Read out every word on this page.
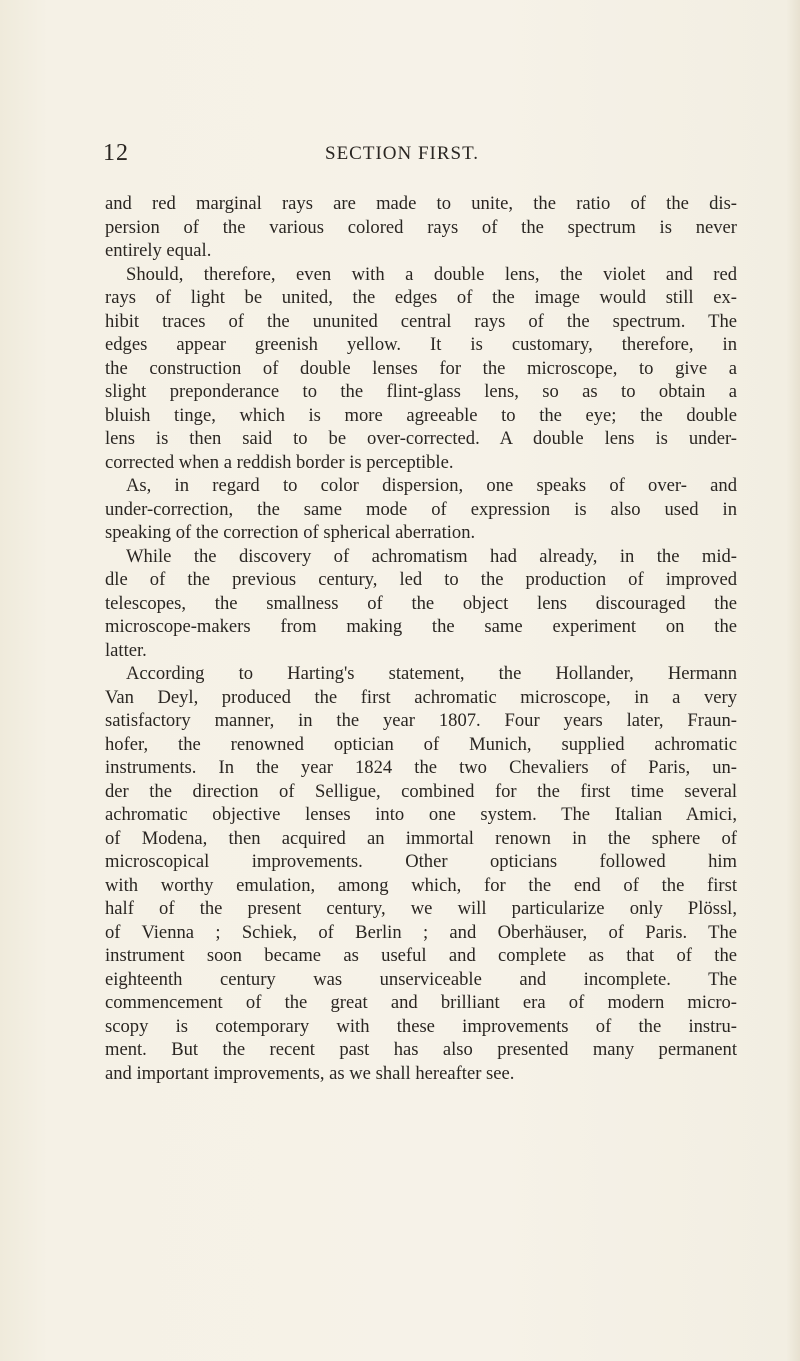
12	SECTION FIRST.
and red marginal rays are made to unite, the ratio of the dis-
persion of the various colored rays of the spectrum is never
entirely equal.
Should, therefore, even with a double lens, the violet and red
rays of light be united, the edges of the image would still ex-
hibit traces of the ununited central rays of the spectrum. The
edges appear greenish yellow. It is customary, therefore, in
the construction of double lenses for the microscope, to give a
slight preponderance to the flint-glass lens, so as to obtain a
bluish tinge, which is more agreeable to the eye; the double
lens is then said to be over-corrected. A double lens is under-
corrected when a reddish border is perceptible.
As, in regard to color dispersion, one speaks of over- and
under-correction, the same mode of expression is also used in
speaking of the correction of spherical aberration.
While the discovery of achromatism had already, in the mid-
dle of the previous century, led to the production of improved
telescopes, the smallness of the object lens discouraged the
microscope-makers from making the same experiment on the
latter.
According to Harting's statement, the Hollander, Hermann
Van Deyl, produced the first achromatic microscope, in a very
satisfactory manner, in the year 1807. Four years later, Fraun-
hofer, the renowned optician of Munich, supplied achromatic
instruments. In the year 1824 the two Chevaliers of Paris, un-
der the direction of Selligue, combined for the first time several
achromatic objective lenses into one system. The Italian Amici,
of Modena, then acquired an immortal renown in the sphere of
microscopical improvements. Other opticians followed him
with worthy emulation, among which, for the end of the first
half of the present century, we will particularize only Plössl,
of Vienna ; Schiek, of Berlin ; and Oberhäuser, of Paris. The
instrument soon became as useful and complete as that of the
eighteenth century was unserviceable and incomplete. The
commencement of the great and brilliant era of modern micro-
scopy is cotemporary with these improvements of the instru-
ment. But the recent past has also presented many permanent
and important improvements, as we shall hereafter see.
